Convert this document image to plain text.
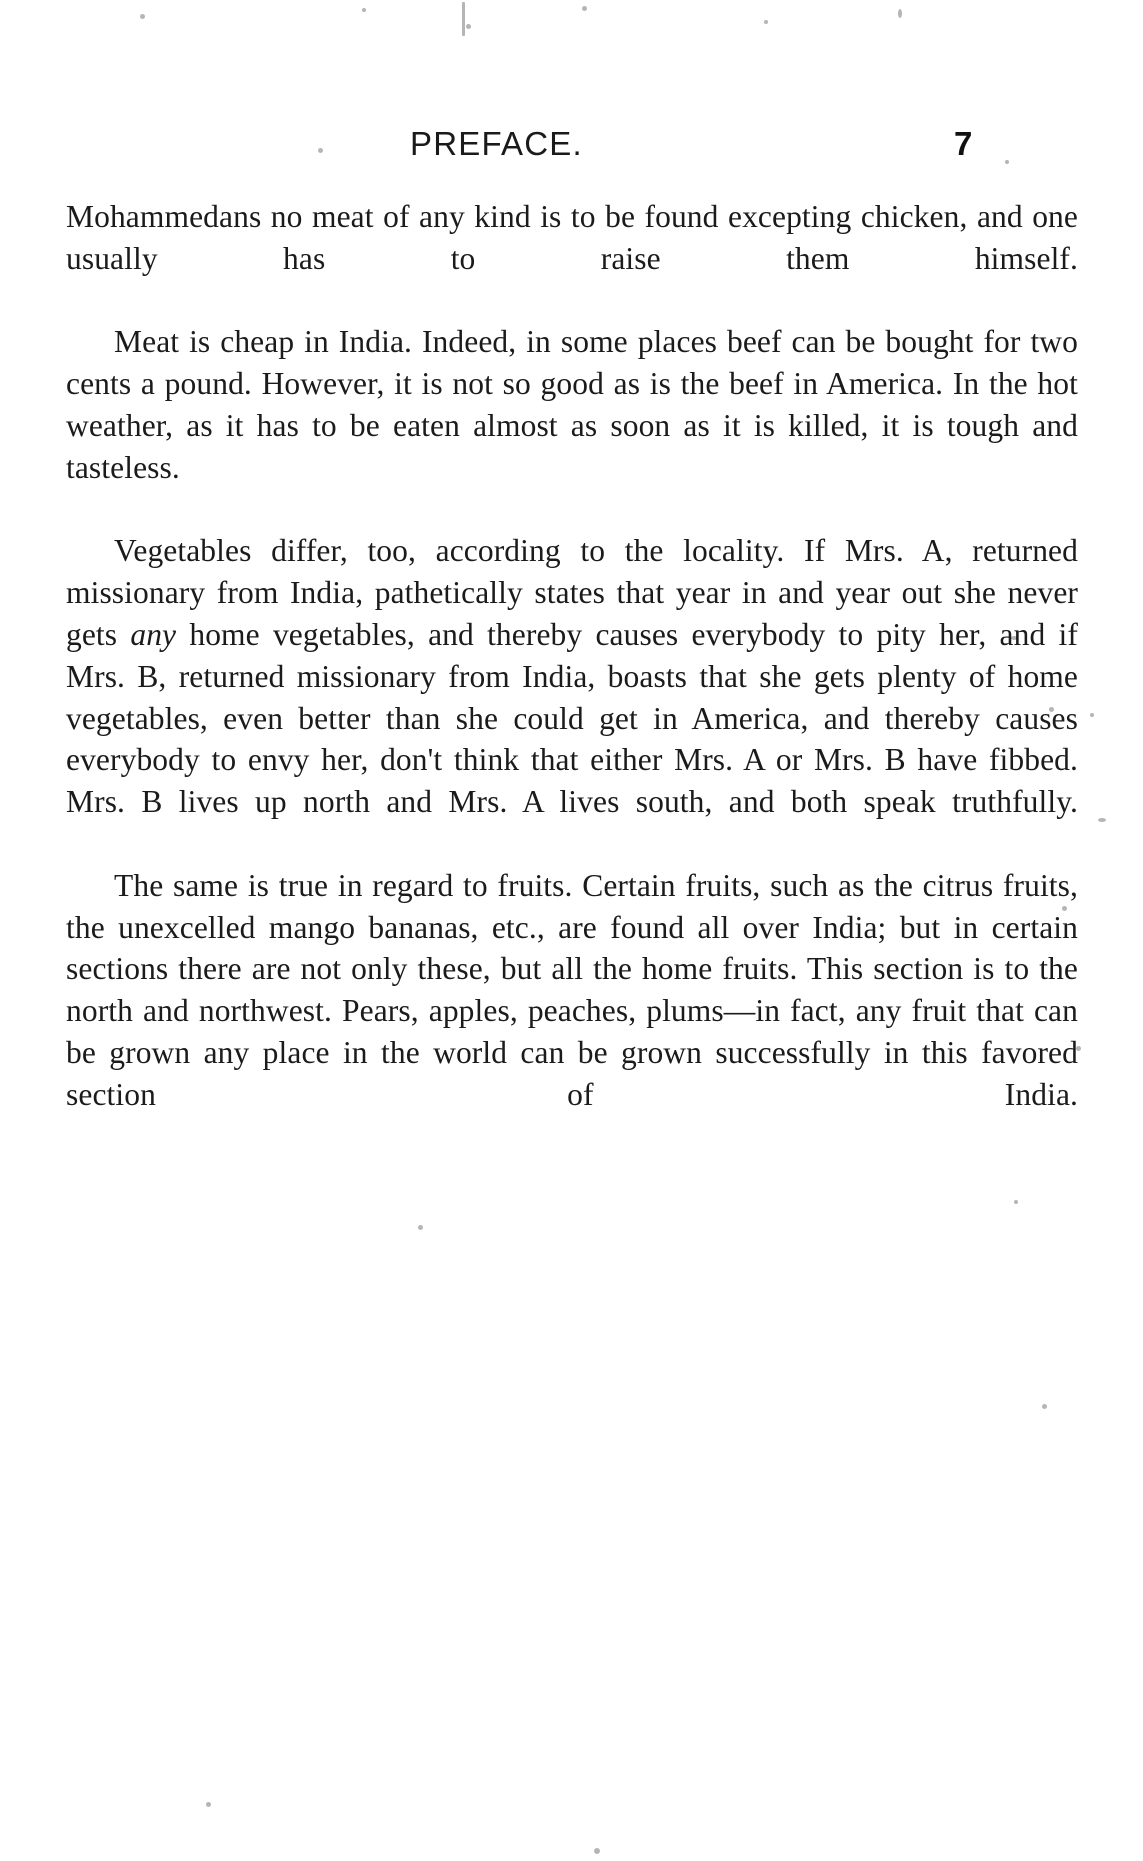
PREFACE.	7

Mohammedans no meat of any kind is to be found excepting chicken, and one usually has to raise them himself.

Meat is cheap in India. Indeed, in some places beef can be bought for two cents a pound. However, it is not so good as is the beef in America. In the hot weather, as it has to be eaten almost as soon as it is killed, it is tough and tasteless.

Vegetables differ, too, according to the locality. If Mrs. A, returned missionary from India, pathetically states that year in and year out she never gets any home vegetables, and thereby causes everybody to pity her, and if Mrs. B, returned missionary from India, boasts that she gets plenty of home vegetables, even better than she could get in America, and thereby causes everybody to envy her, don't think that either Mrs. A or Mrs. B have fibbed. Mrs. B lives up north and Mrs. A lives south, and both speak truthfully.

The same is true in regard to fruits. Certain fruits, such as the citrus fruits, the unexcelled mango bananas, etc., are found all over India; but in certain sections there are not only these, but all the home fruits. This section is to the north and northwest. Pears, apples, peaches, plums—in fact, any fruit that can be grown any place in the world can be grown successfully in this favored section of India.
